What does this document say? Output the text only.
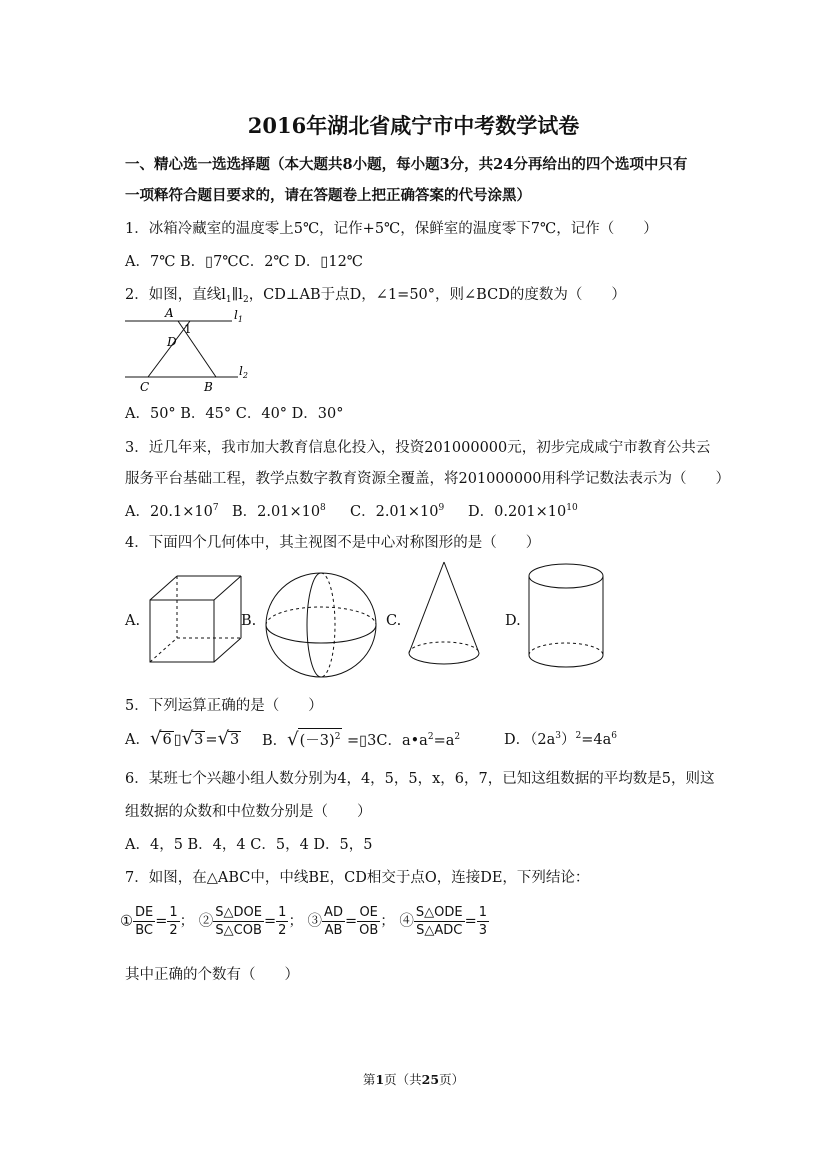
2016年湖北省咸宁市中考数学试卷
一、精心选一选选择题（本大题共8小题，每小题3分，共24分再给出的四个选项中只有
一项释符合题目要求的，请在答题卷上把正确答案的代号涂黑）
1．冰箱冷藏室的温度零上5℃，记作+5℃，保鲜室的温度零下7℃，记作（　　）
A．7℃ B．▯7℃C．2℃ D．▯12℃
2．如图，直线$l_1\parallel l_2$，CD⊥AB于点D，∠1=50°，则∠BCD的度数为（　　）
A
1
D
C	B
$l_1$
$l_2$
A．50° B．45° C．40° D．30°
3．近几年来，我市加大教育信息化投入，投资201000000元，初步完成咸宁市教育公共云
服务平台基础工程，教学点数字教育资源全覆盖，将201000000用科学记数法表示为（　　）
A．$20.1\times 10^7$ B．$2.01\times 10^8$ C．$2.01\times 10^9$ D．$0.201\times 10^{10}$
4．下面四个几何体中，其主视图不是中心对称图形的是（　　）
A.	B.	C.	D.
5．下列运算正确的是（　　）
A．√6 ▯√3 =√3 B．$√(-3)^2$ =▯3C．$a•a^2=a^2$	D．$(2a^3)^2=4a^6$
6．某班七个兴趣小组人数分别为4，4，5，5，x，6，7，已知这组数据的平均数是5，则这
组数据的众数和中位数分别是（　　）
A．4，5 B．4，4 C．5，4 D．5，5
7．如图，在△ABC中，中线BE，CD相交于点O，连接DE，下列结论：
① $\frac{DE}{BC} = \frac{1}{2}$ ； ② $\frac{\text{S△DOE}}{\text{S△COB}} = \frac{1}{2}$ ； ③ $\frac{AD}{AB} = \frac{OE}{OB}$ ； ④ $\frac{\text{S△ODE}}{\text{S△ADC}} = \frac{1}{3}$
其中正确的个数有（　　）
第1页（共25页）
